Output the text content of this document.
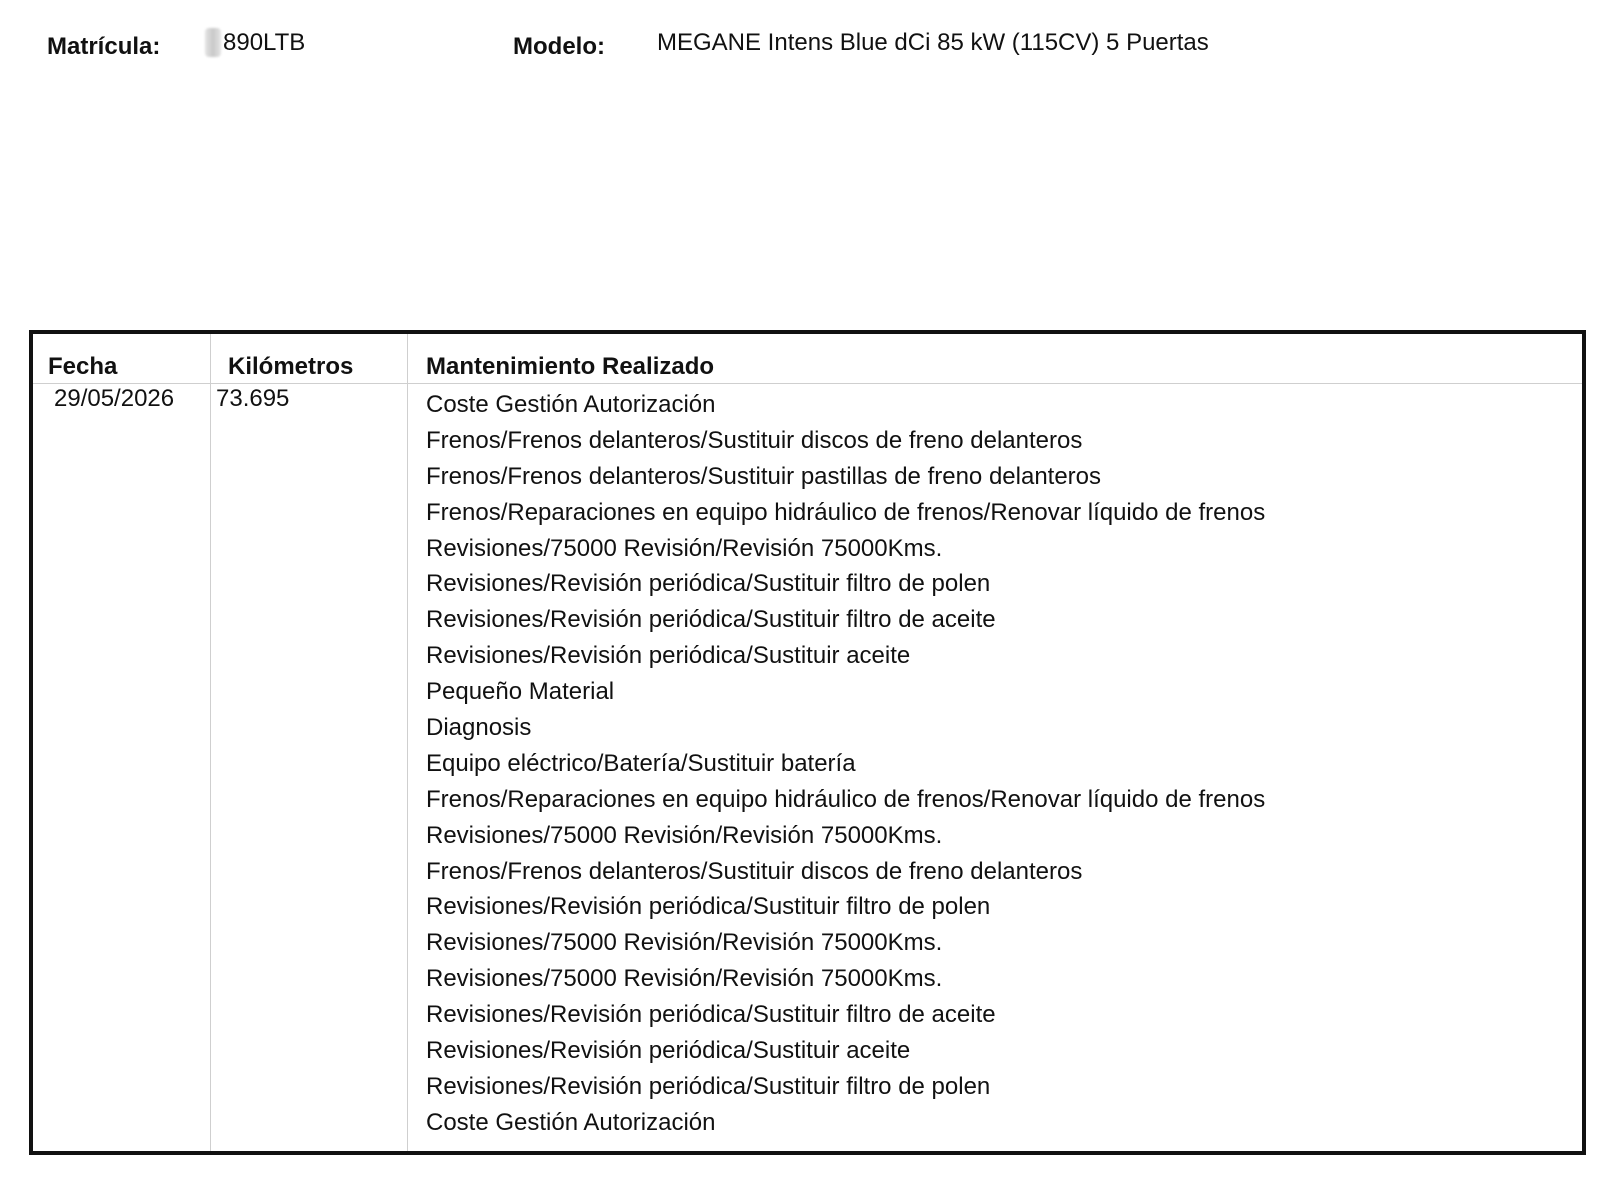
Matrícula:	890LTB	Modelo: MEGANE Intens Blue dCi 85 kW (115CV) 5 Puertas
Fecha	Kilómetros	Mantenimiento Realizado
29/05/2026 73.695	Coste Gestión Autorización
Frenos/Frenos delanteros/Sustituir discos de freno delanteros
Frenos/Frenos delanteros/Sustituir pastillas de freno delanteros
Frenos/Reparaciones en equipo hidráulico de frenos/Renovar líquido de frenos
Revisiones/75000 Revisión/Revisión 75000Kms.
Revisiones/Revisión periódica/Sustituir filtro de polen
Revisiones/Revisión periódica/Sustituir filtro de aceite
Revisiones/Revisión periódica/Sustituir aceite
Pequeño Material
Diagnosis
Equipo eléctrico/Batería/Sustituir batería
Frenos/Reparaciones en equipo hidráulico de frenos/Renovar líquido de frenos
Revisiones/75000 Revisión/Revisión 75000Kms.
Frenos/Frenos delanteros/Sustituir discos de freno delanteros
Revisiones/Revisión periódica/Sustituir filtro de polen
Revisiones/75000 Revisión/Revisión 75000Kms.
Revisiones/75000 Revisión/Revisión 75000Kms.
Revisiones/Revisión periódica/Sustituir filtro de aceite
Revisiones/Revisión periódica/Sustituir aceite
Revisiones/Revisión periódica/Sustituir filtro de polen
Coste Gestión Autorización
